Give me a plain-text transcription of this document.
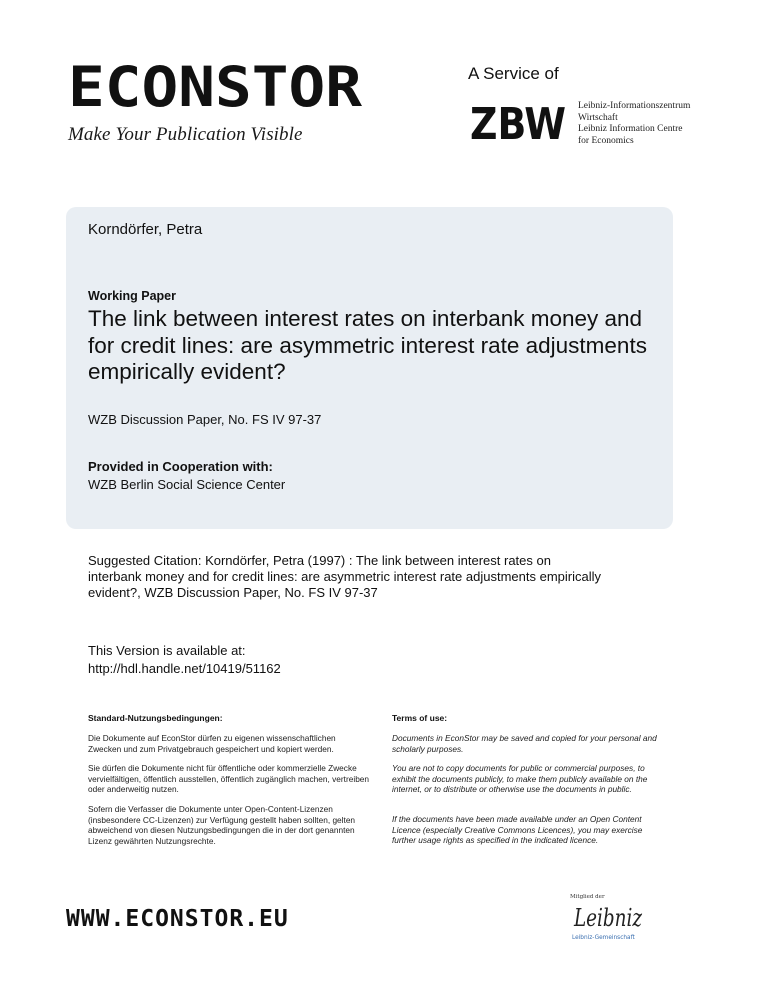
ECONSTOR
Make Your Publication Visible
A Service of
ZBW Leibniz-Informationszentrum
Wirtschaft
Leibniz Information Centre
for Economics
Korndörfer, Petra
Working Paper
The link between interest rates on interbank money and for credit lines: are asymmetric interest rate adjustments empirically evident?
WZB Discussion Paper, No. FS IV 97-37
Provided in Cooperation with:
WZB Berlin Social Science Center
Suggested Citation: Korndörfer, Petra (1997) : The link between interest rates on interbank money and for credit lines: are asymmetric interest rate adjustments empirically evident?, WZB Discussion Paper, No. FS IV 97-37
This Version is available at:
http://hdl.handle.net/10419/51162
Standard-Nutzungsbedingungen:
Die Dokumente auf EconStor dürfen zu eigenen wissenschaftlichen Zwecken und zum Privatgebrauch gespeichert und kopiert werden.
Sie dürfen die Dokumente nicht für öffentliche oder kommerzielle Zwecke vervielfältigen, öffentlich ausstellen, öffentlich zugänglich machen, vertreiben oder anderweitig nutzen.
Sofern die Verfasser die Dokumente unter Open-Content-Lizenzen (insbesondere CC-Lizenzen) zur Verfügung gestellt haben sollten, gelten abweichend von diesen Nutzungsbedingungen die in der dort genannten Lizenz gewährten Nutzungsrechte.
Terms of use:
Documents in EconStor may be saved and copied for your personal and scholarly purposes.
You are not to copy documents for public or commercial purposes, to exhibit the documents publicly, to make them publicly available on the internet, or to distribute or otherwise use the documents in public.
If the documents have been made available under an Open Content Licence (especially Creative Commons Licences), you may exercise further usage rights as specified in the indicated licence.
WWW.ECONSTOR.EU
Mitglied der
Leibniz
Leibniz-Gemeinschaft
